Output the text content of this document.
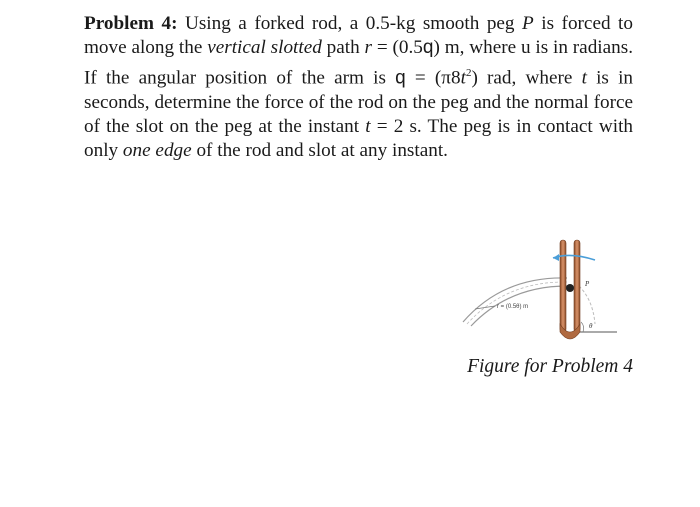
Problem 4: Using a forked rod, a 0.5-kg smooth peg P is forced to move along the vertical slotted path r = (0.5q) m, where u is in radians. If the angular position of the arm is $q = (\pi 8t^2)$ rad, where t is in seconds, determine the force of the rod on the peg and the normal force of the slot on the peg at the instant t = 2 s. The peg is in contact with only one edge of the rod and slot at any instant.

P
r = (0.5θ) m
θ

Figure for Problem 4
